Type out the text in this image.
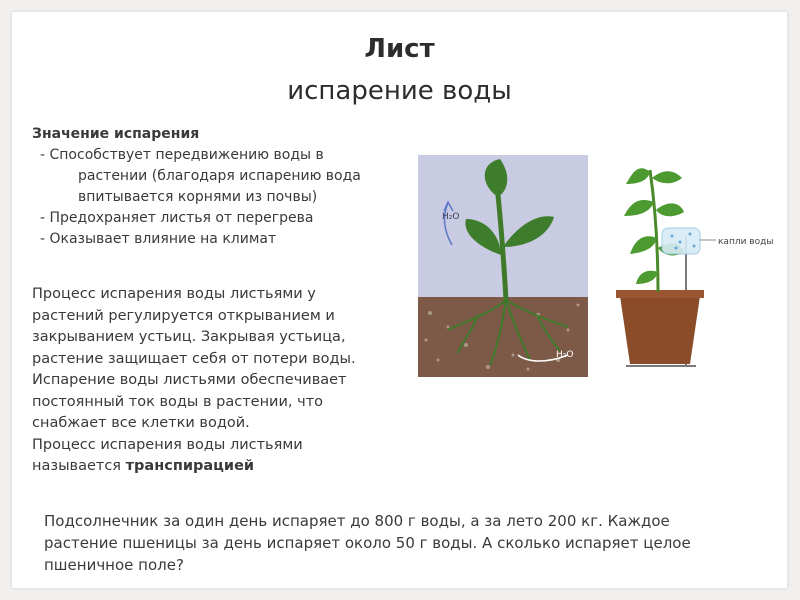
Лист
испарение воды
Значение испарения
- Способствует передвижению воды в
растении (благодаря испарению вода
впитывается корнями из почвы)
- Предохраняет листья от перегрева
- Оказывает влияние на климат
Процесс испарения воды листьями у
растений регулируется открыванием и
закрыванием устьиц. Закрывая устьица,
растение защищает себя от потери воды.
Испарение воды листьями обеспечивает
постоянный ток воды в растении, что
снабжает все клетки водой.
Процесс испарения воды листьями
называется транспирацией
H₂O
H₂O
капли воды
Подсолнечник за один день испаряет до 800 г воды, а за лето 200 кг. Каждое
растение пшеницы за день испаряет около 50 г воды. А сколько испаряет целое
пшеничное поле?
